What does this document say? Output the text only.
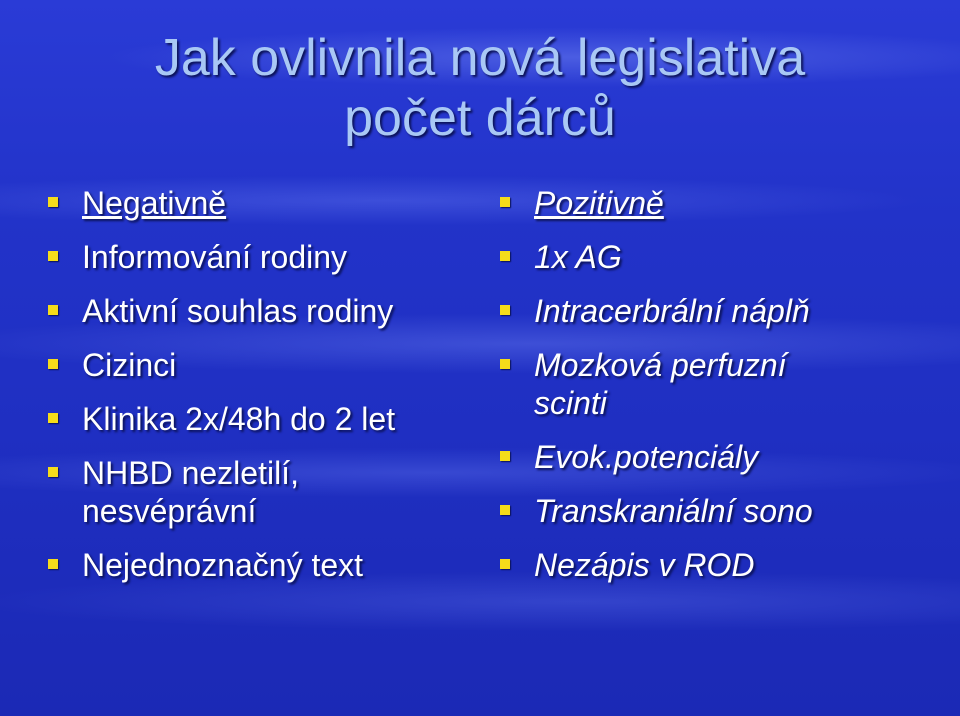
Jak ovlivnila nová legislativa
počet dárců
Negativně
Informování rodiny
Aktivní souhlas rodiny
Cizinci
Klinika 2x/48h do 2 let
NHBD nezletilí, nesvéprávní
Nejednoznačný text
Pozitivně
1x AG
Intracerbrální náplň
Mozková perfuzní scinti
Evok.potenciály
Transkraniální sono
Nezápis v ROD
